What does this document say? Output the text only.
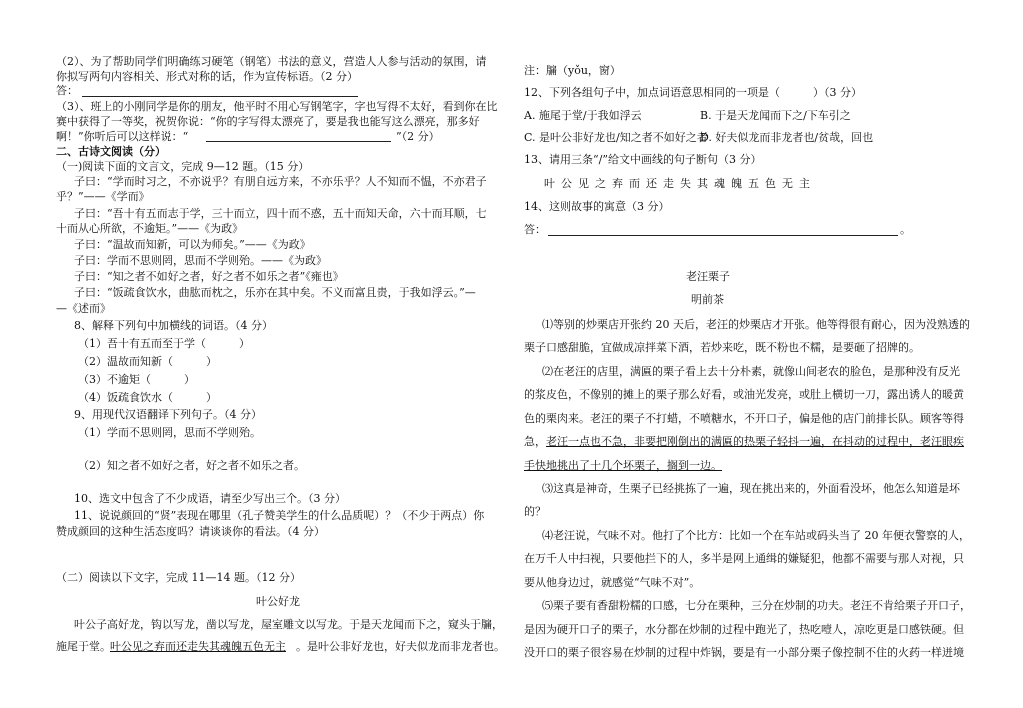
（2）、为了帮助同学们明确练习硬笔（钢笔）书法的意义，营造人人参与活动的氛围，请
你拟写两句内容相关、形式对称的话，作为宣传标语。（2 分）
答：
（3）、班上的小刚同学是你的朋友，他平时不用心写钢笔字，字也写得不太好，看到你在比
赛中获得了一等奖，祝贺你说：“你的字写得太漂亮了，要是我也能写这么漂亮，那多好
啊！”你听后可以这样说：“	”（2 分）
二、古诗文阅读（分）
（一)阅读下面的文言文，完成 9—12 题。（15 分）
子曰：“学而时习之，不亦说乎？有朋自远方来，不亦乐乎？人不知而不愠，不亦君子
乎？”——《学而》
子曰：“吾十有五而志于学，三十而立，四十而不惑，五十而知天命，六十而耳顺，七
十而从心所欲，不逾矩。”——《为政》
子曰：“温故而知新，可以为师矣。”——《为政》
子曰：学而不思则罔，思而不学则殆。——《为政》
子曰：“知之者不如好之者，好之者不如乐之者”《雍也》
子曰：“饭疏食饮水，曲肱而枕之，乐亦在其中矣。不义而富且贵，于我如浮云。”—
—《述而》
8、解释下列句中加横线的词语。（4 分）
（1）吾十有五而至于学（　　　）
（2）温故而知新（　　　）
（3）不逾矩（　　　）
（4）饭疏食饮水（　　　）
9、用现代汉语翻译下列句子。（4 分）
（1）学而不思则罔，思而不学则殆。
（2）知之者不如好之者，好之者不如乐之者。
10、选文中包含了不少成语，请至少写出三个。（3 分）
11、说说颜回的“贤”表现在哪里（孔子赞美学生的什么品质呢）？（不少于两点）你
赞成颜回的这种生活态度吗？请谈谈你的看法。（4 分）
（二）阅读以下文字，完成 11—14 题。（12 分）
叶公好龙
叶公子高好龙，钩以写龙，凿以写龙，屋室雕文以写龙。于是天龙闻而下之，窥头于牖，
施尾于堂。 叶公见之弃而还走失其魂魄五色无主 。是叶公非好龙也，好夫似龙而非龙者也。
注：牖（yǒu，窗）
12、下列各组句子中，加点词语意思相同的一项是（　　　）（3 分）
A. 施尾于堂/于我如浮云	B. 于是天龙闻而下之/下车引之
C. 是叶公非好龙也/知之者不如好之者
D. 好夫似龙而非龙者也/贫哉，回也
13、请用三条“/”给文中画线的句子断句（3 分）
叶公见之弃而还走失其魂魄五色无主
14、这则故事的寓意（3 分）
答：	。
老汪栗子
明前茶
⑴等别的炒栗店开张约 20 天后，老汪的炒栗店才开张。他等得很有耐心，因为没熟透的
栗子口感甜脆，宜做成凉拌菜下酒，若炒来吃，既不粉也不糯，是要砸了招牌的。
⑵在老汪的店里，满匾的栗子看上去十分朴素，就像山间老农的脸色，是那种没有反光
的浆皮色，不像别的摊上的栗子那么好看，或油光发亮，或肚上横切一刀，露出诱人的暖黄
色的栗肉来。老汪的栗子不打蜡，不喷糖水，不开口子，偏是他的店门前排长队。顾客等得
急， 老汪一点也不急，非要把刚倒出的满匾的热栗子轻抖一遍，在抖动的过程中，老汪眼疾
手快地挑出了十几个坏栗子，搁到一边。
⑶这真是神奇，生栗子已经挑拣了一遍，现在挑出来的，外面看没坏，他怎么知道是坏
的？
⑷老汪说，气味不对。他打了个比方：比如一个在车站或码头当了 20 年便衣警察的人，
在万千人中扫视，只要他拦下的人，多半是网上通缉的嫌疑犯，他都不需要与那人对视，只
要从他身边过，就感觉“气味不对”。
⑸栗子要有香甜粉糯的口感，七分在栗种，三分在炒制的功夫。老汪不肯给栗子开口子，
是因为硬开口子的栗子，水分都在炒制的过程中跑光了，热吃噎人，凉吃更是口感铁硬。但
没开口的栗子很容易在炒制的过程中炸锅，要是有一小部分栗子像控制不住的火药一样迸境
